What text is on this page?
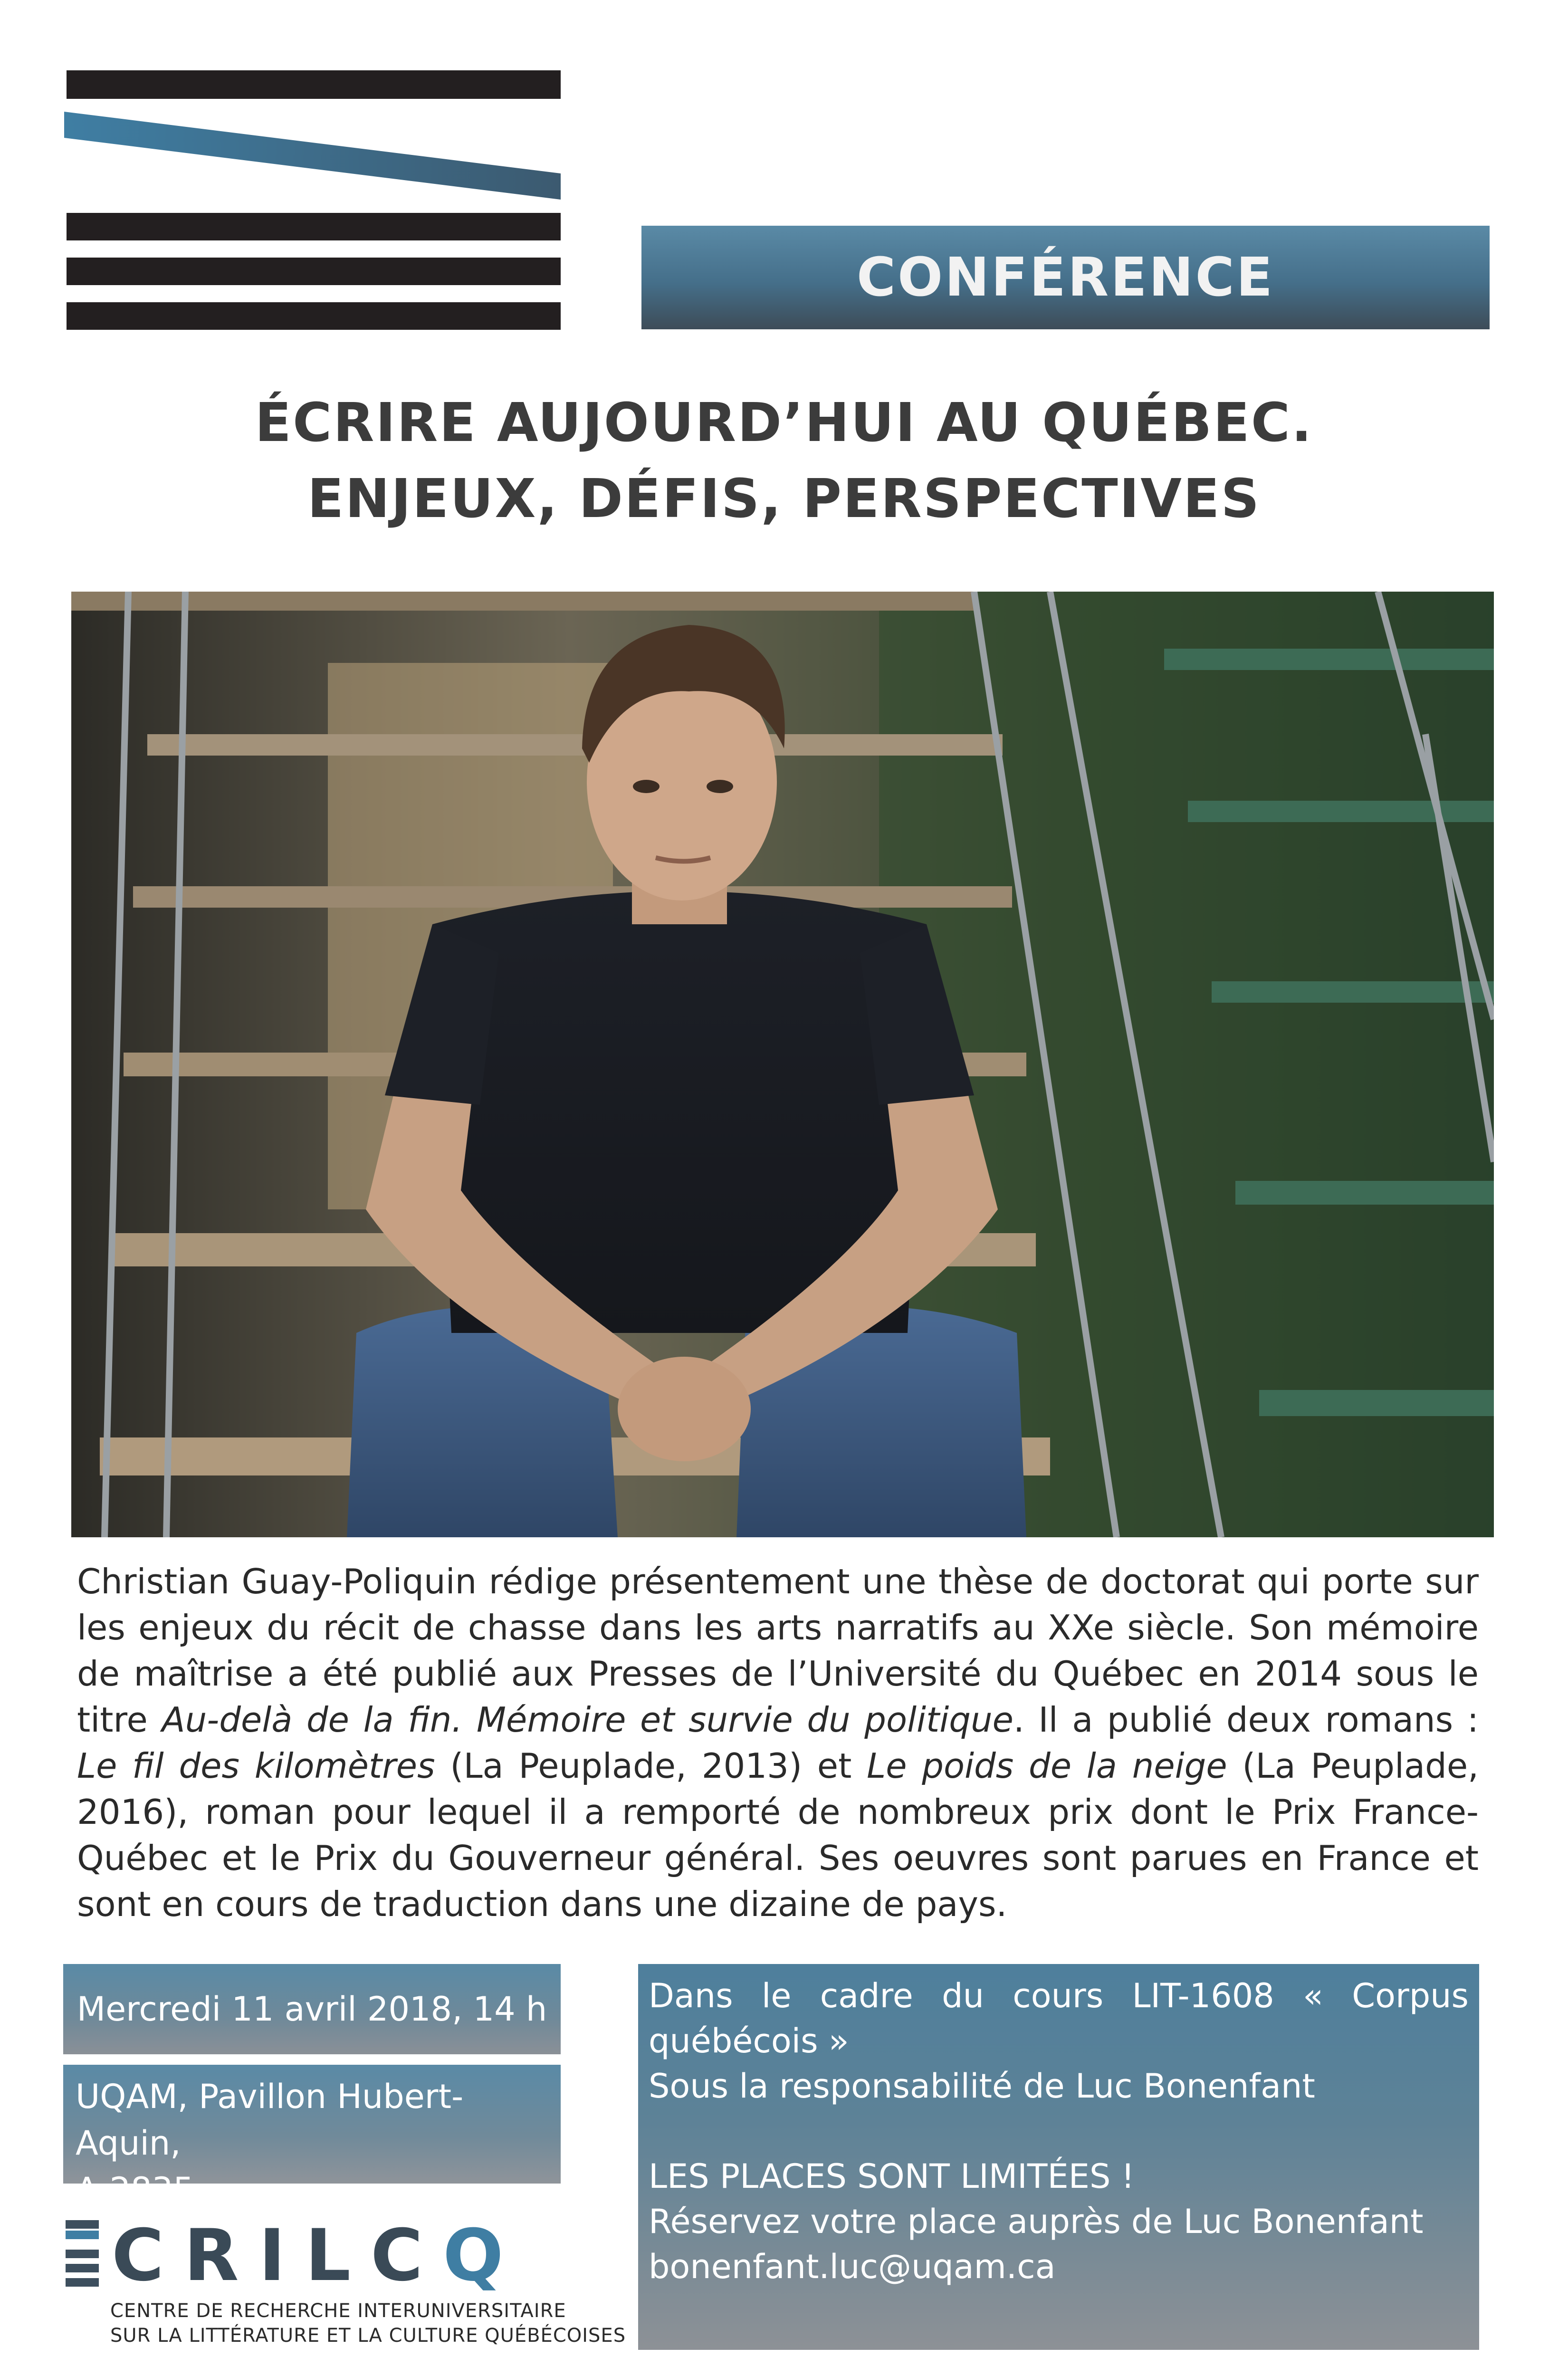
CONFÉRENCE
ÉCRIRE AUJOURD’HUI AU QUÉBEC.
ENJEUX, DÉFIS, PERSPECTIVES
Christian Guay-Poliquin rédige présentement une thèse de doctorat qui porte sur les enjeux du récit de chasse dans les arts narratifs au XXe siècle. Son mémoire de maîtrise a été publié aux Presses de l’Université du Québec en 2014 sous le titre Au-delà de la fin. Mémoire et survie du politique. Il a publié deux romans : Le fil des kilomètres (La Peuplade, 2013) et Le poids de la neige (La Peuplade, 2016), roman pour lequel il a remporté de nombreux prix dont le Prix France-Québec et le Prix du Gouverneur général. Ses oeuvres sont parues en France et sont en cours de traduction dans une dizaine de pays.
Mercredi 11 avril 2018, 14 h
UQAM, Pavillon Hubert-Aquin,
A-2835
Dans le cadre du cours LIT-1608 « Corpus
québécois »
Sous la responsabilité de Luc Bonenfant
LES PLACES SONT LIMITÉES !
Réservez votre place auprès de Luc Bonenfant
bonenfant.luc@uqam.ca
CRILCQ
CENTRE DE RECHERCHE INTERUNIVERSITAIRE
SUR LA LITTÉRATURE ET LA CULTURE QUÉBÉCOISES
